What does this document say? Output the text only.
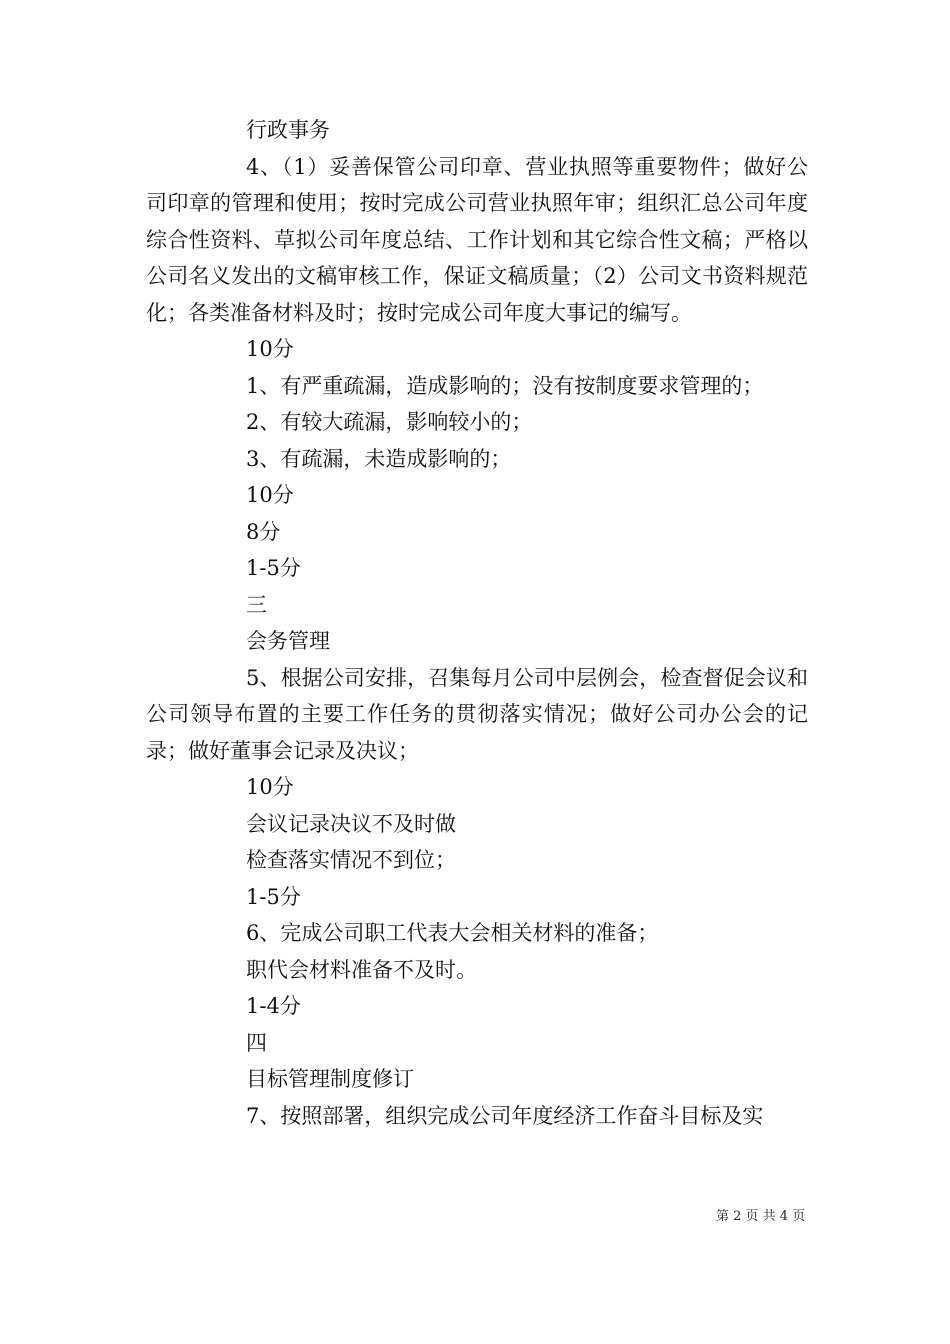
行政事务
4、（1）妥善保管公司印章、营业执照等重要物件；做好公司印章的管理和使用；按时完成公司营业执照年审；组织汇总公司年度综合性资料、草拟公司年度总结、工作计划和其它综合性文稿；严格以公司名义发出的文稿审核工作，保证文稿质量；（2）公司文书资料规范化；各类准备材料及时；按时完成公司年度大事记的编写。
10分
1、有严重疏漏，造成影响的；没有按制度要求管理的；
2、有较大疏漏，影响较小的；
3、有疏漏，未造成影响的；
10分
8分
1-5分
三
会务管理
5、根据公司安排，召集每月公司中层例会，检查督促会议和公司领导布置的主要工作任务的贯彻落实情况；做好公司办公会的记录；做好董事会记录及决议；
10分
会议记录决议不及时做
检查落实情况不到位；
1-5分
6、完成公司职工代表大会相关材料的准备；
职代会材料准备不及时。
1-4分
四
目标管理制度修订
7、按照部署，组织完成公司年度经济工作奋斗目标及实
第 2 页 共 4 页
